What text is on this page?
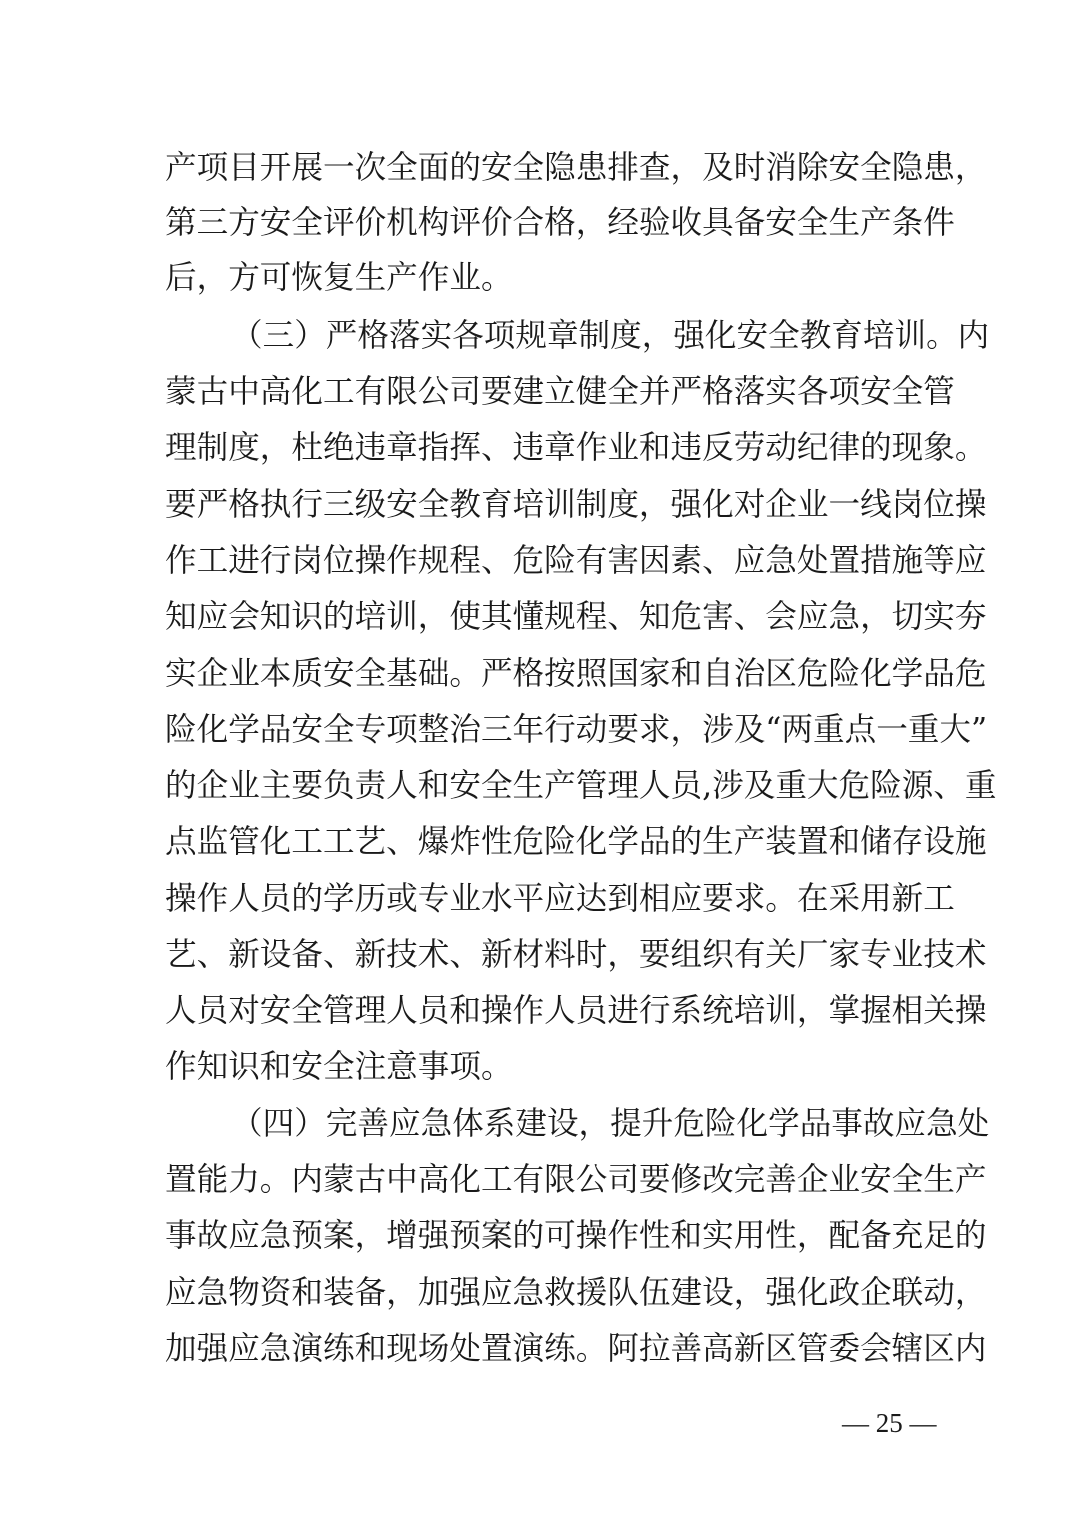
产项目开展一次全面的安全隐患排查，及时消除安全隐患，
第三方安全评价机构评价合格，经验收具备安全生产条件
后，方可恢复生产作业。
（三）严格落实各项规章制度，强化安全教育培训。内
蒙古中高化工有限公司要建立健全并严格落实各项安全管
理制度，杜绝违章指挥、违章作业和违反劳动纪律的现象。
要严格执行三级安全教育培训制度，强化对企业一线岗位操
作工进行岗位操作规程、危险有害因素、应急处置措施等应
知应会知识的培训，使其懂规程、知危害、会应急，切实夯
实企业本质安全基础。严格按照国家和自治区危险化学品危
险化学品安全专项整治三年行动要求，涉及“两重点一重大”
的企业主要负责人和安全生产管理人员,涉及重大危险源、重
点监管化工工艺、爆炸性危险化学品的生产装置和储存设施
操作人员的学历或专业水平应达到相应要求。在采用新工
艺、新设备、新技术、新材料时，要组织有关厂家专业技术
人员对安全管理人员和操作人员进行系统培训，掌握相关操
作知识和安全注意事项。
（四）完善应急体系建设，提升危险化学品事故应急处
置能力。内蒙古中高化工有限公司要修改完善企业安全生产
事故应急预案，增强预案的可操作性和实用性，配备充足的
应急物资和装备，加强应急救援队伍建设，强化政企联动，
加强应急演练和现场处置演练。阿拉善高新区管委会辖区内
— 25 —
